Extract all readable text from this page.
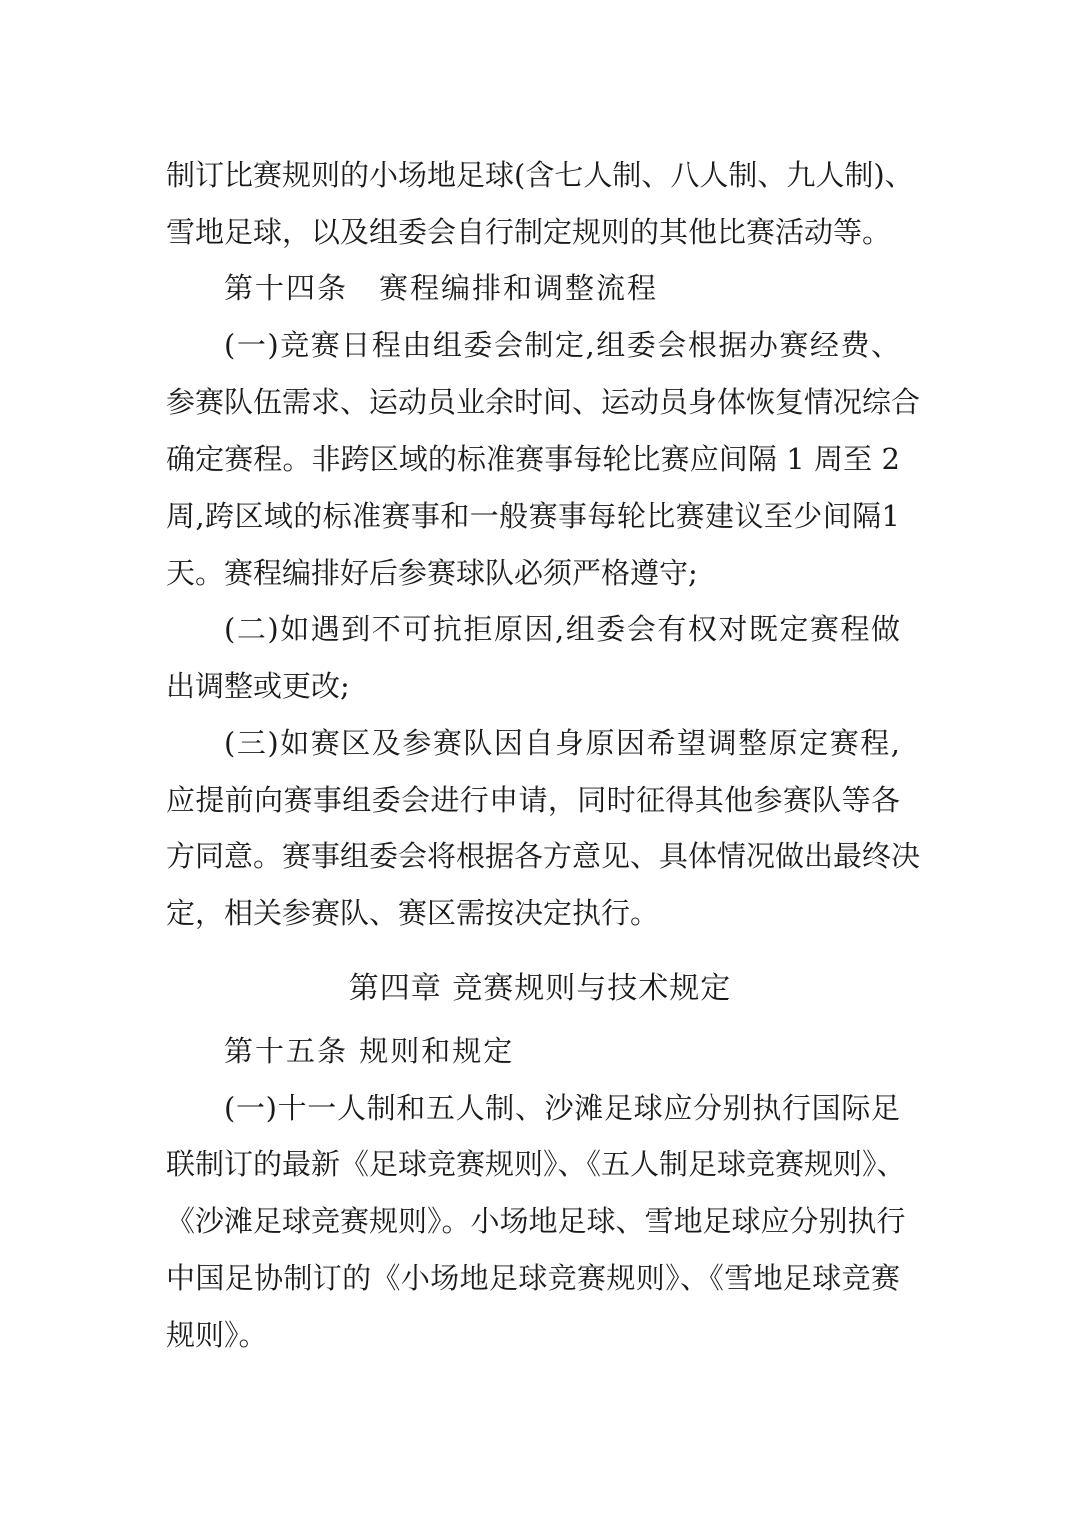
制订比赛规则的小场地足球(含七人制、八人制、九人制)、
雪地足球，以及组委会自行制定规则的其他比赛活动等。
第十四条　赛程编排和调整流程
(一)竞赛日程由组委会制定,组委会根据办赛经费、
参赛队伍需求、运动员业余时间、运动员身体恢复情况综合
确定赛程。非跨区域的标准赛事每轮比赛应间隔 1 周至 2
周,跨区域的标准赛事和一般赛事每轮比赛建议至少间隔1
天。赛程编排好后参赛球队必须严格遵守;
(二)如遇到不可抗拒原因,组委会有权对既定赛程做
出调整或更改;
(三)如赛区及参赛队因自身原因希望调整原定赛程,
应提前向赛事组委会进行申请，同时征得其他参赛队等各
方同意。赛事组委会将根据各方意见、具体情况做出最终决
定，相关参赛队、赛区需按决定执行。
第四章 竞赛规则与技术规定
第十五条 规则和规定
(一)十一人制和五人制、沙滩足球应分别执行国际足
联制订的最新《足球竞赛规则》、《五人制足球竞赛规则》、
《沙滩足球竞赛规则》。小场地足球、雪地足球应分别执行
中国足协制订的《小场地足球竞赛规则》、《雪地足球竞赛
规则》。
